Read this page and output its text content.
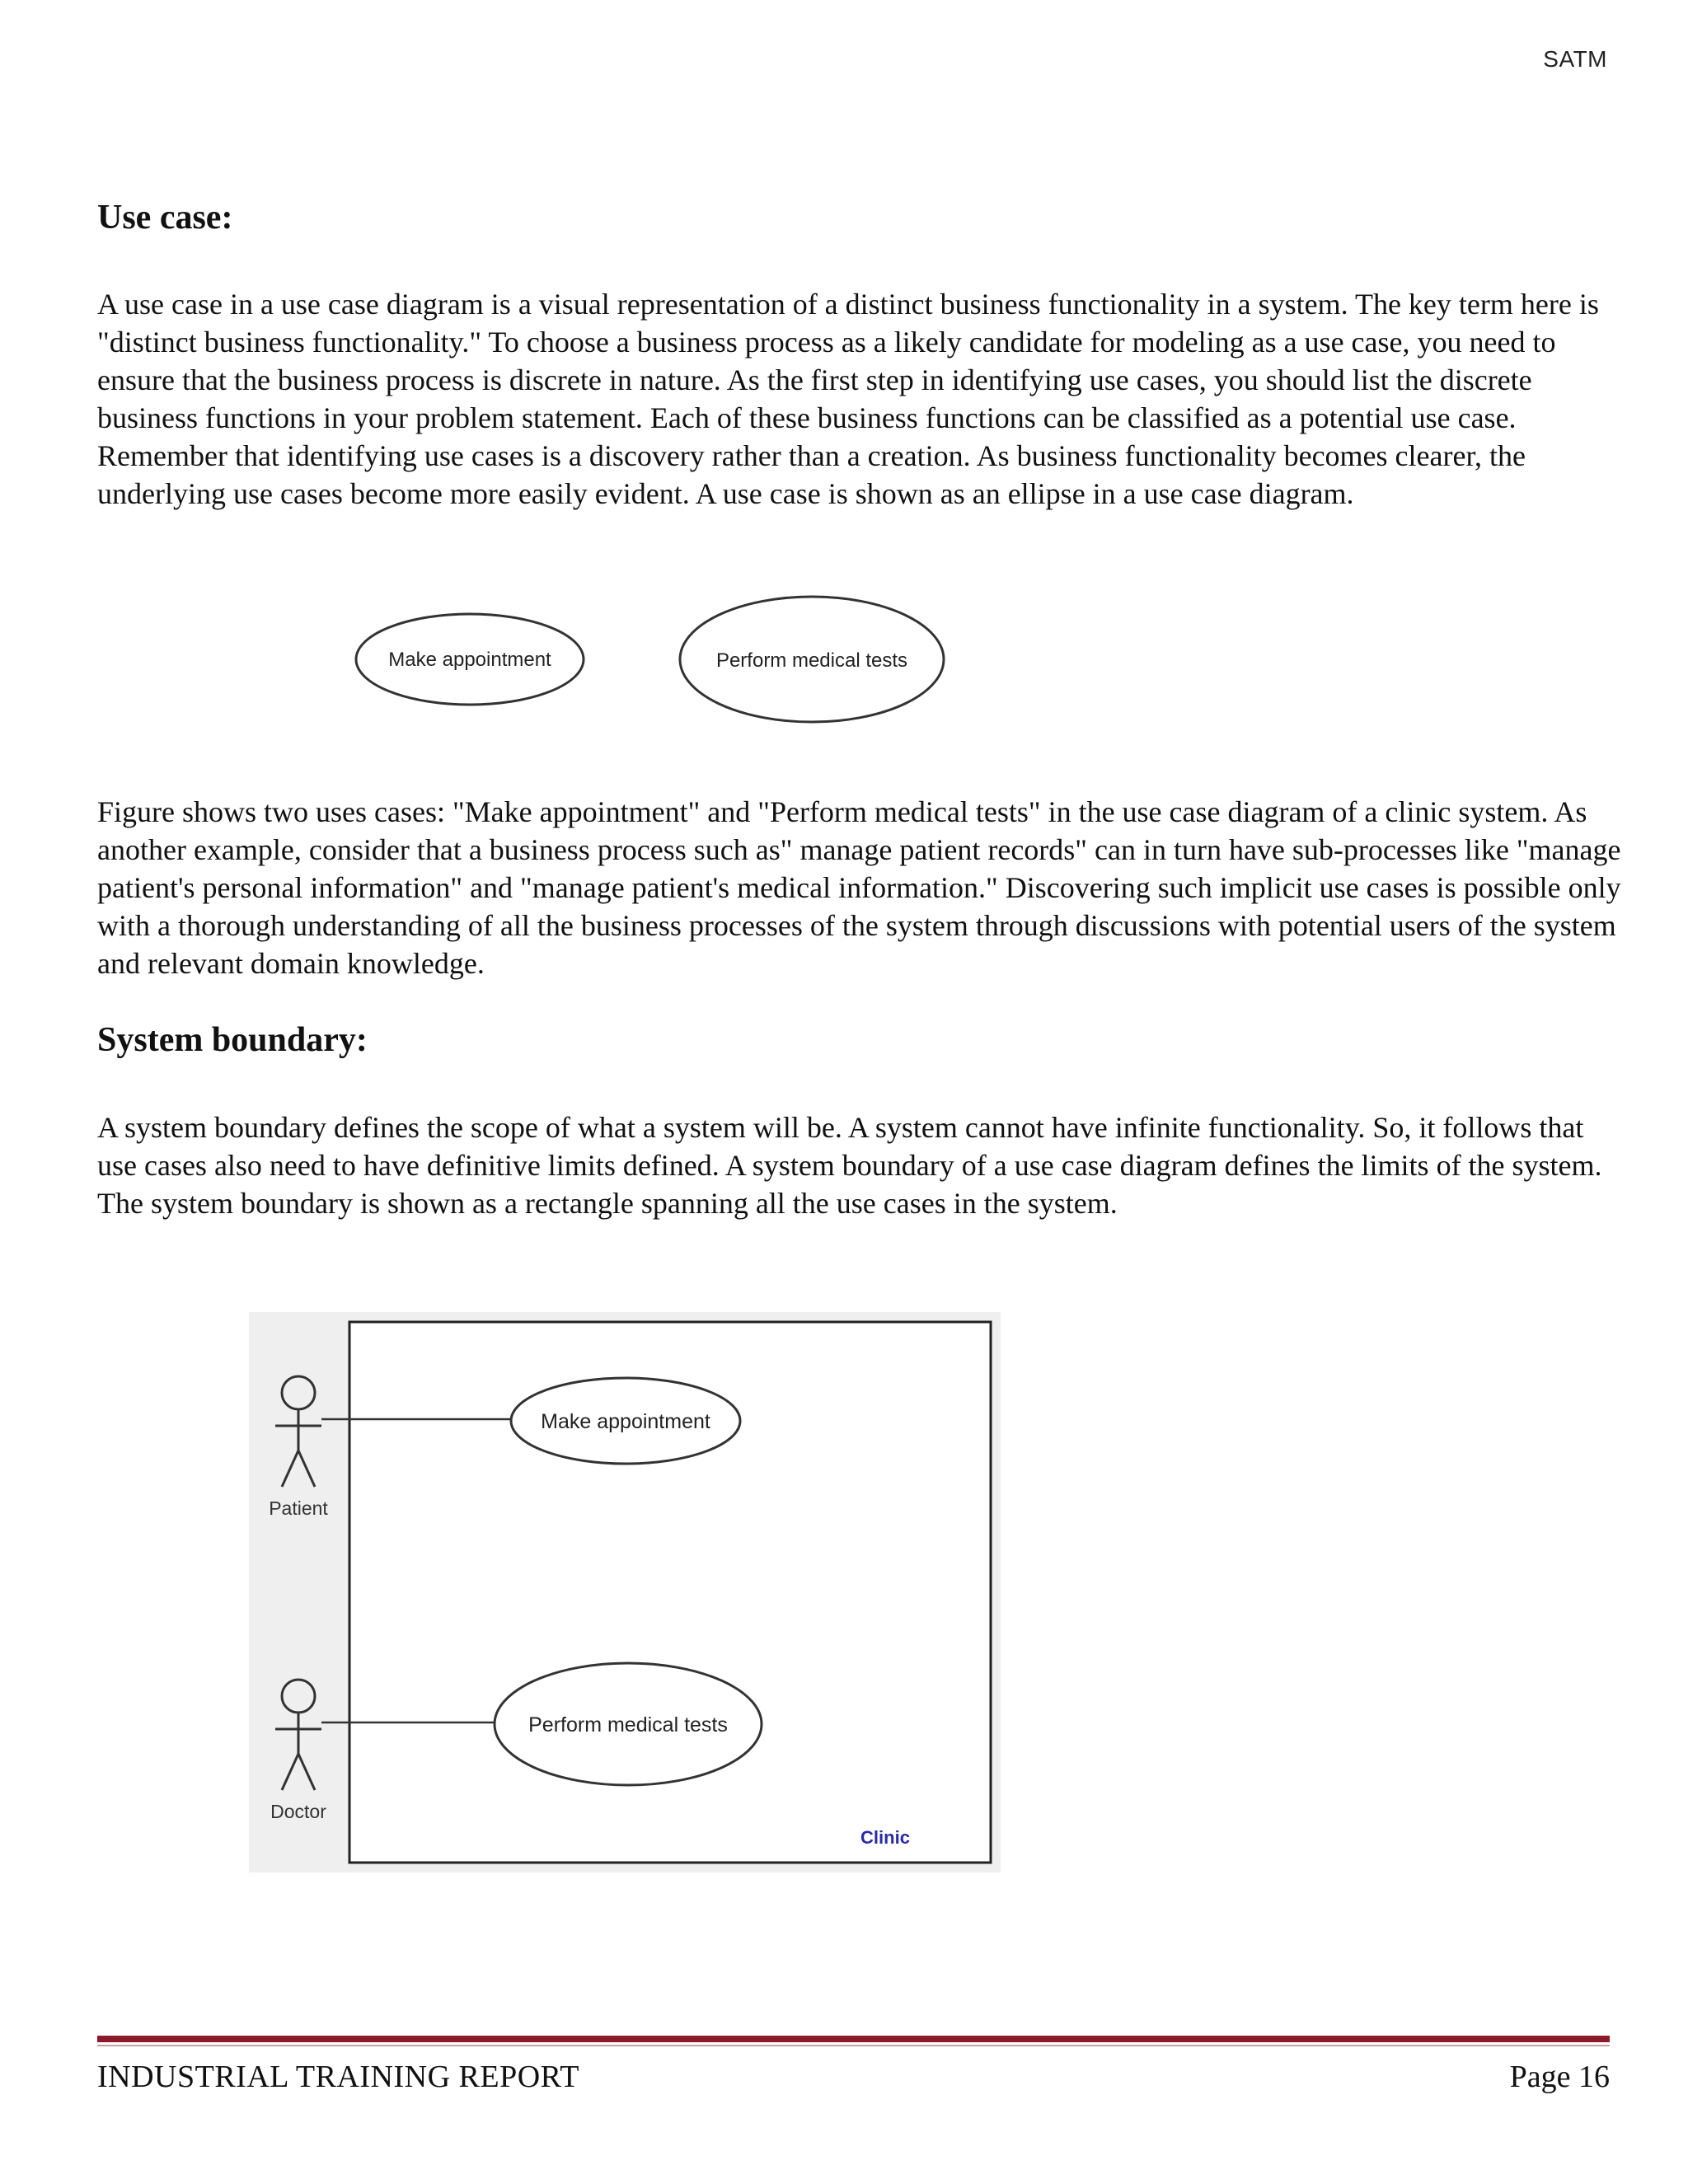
SATM
Use case:

A use case in a use case diagram is a visual representation of a distinct business functionality in a system. The key term here is "distinct business functionality." To choose a business process as a likely candidate for modeling as a use case, you need to ensure that the business process is discrete in nature. As the first step in identifying use cases, you should list the discrete business functions in your problem statement. Each of these business functions can be classified as a potential use case. Remember that identifying use cases is a discovery rather than a creation. As business functionality becomes clearer, the underlying use cases become more easily evident. A use case is shown as an ellipse in a use case diagram.

Make appointment	Perform medical tests

Figure shows two uses cases: "Make appointment" and "Perform medical tests" in the use case diagram of a clinic system. As another example, consider that a business process such as" manage patient records" can in turn have sub-processes like "manage patient's personal information" and "manage patient's medical information." Discovering such implicit use cases is possible only with a thorough understanding of all the business processes of the system through discussions with potential users of the system and relevant domain knowledge.

System boundary:

A system boundary defines the scope of what a system will be. A system cannot have infinite functionality. So, it follows that use cases also need to have definitive limits defined. A system boundary of a use case diagram defines the limits of the system. The system boundary is shown as a rectangle spanning all the use cases in the system.

Patient
Doctor
Make appointment
Perform medical tests
Clinic
INDUSTRIAL TRAINING REPORT	Page 16
